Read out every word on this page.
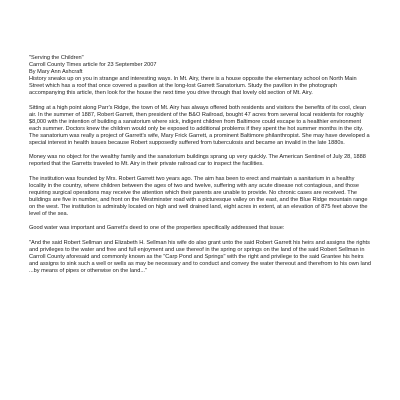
"Serving the Children"
Carroll County Times article for 23 September 2007
By Mary Ann Ashcraft

History sneaks up on you in strange and interesting ways. In Mt. Airy, there is a house opposite the elementary school on North Main Street which has a roof that once covered a pavilion at the long-lost Garrett Sanatorium. Study the pavilion in the photograph accompanying this article, then look for the house the next time you drive through that lovely old section of Mt. Airy.

Sitting at a high point along Parr's Ridge, the town of Mt. Airy has always offered both residents and visitors the benefits of its cool, clean air. In the summer of 1887, Robert Garrett, then president of the B&O Railroad, bought 47 acres from several local residents for roughly $8,000 with the intention of building a sanatorium where sick, indigent children from Baltimore could escape to a healthier environment each summer. Doctors knew the children would only be exposed to additional problems if they spent the hot summer months in the city. The sanatorium was really a project of Garrett's wife, Mary Frick Garrett, a prominent Baltimore philanthropist. She may have developed a special interest in health issues because Robert supposedly suffered from tuberculosis and became an invalid in the late 1880s.

Money was no object for the wealthy family and the sanatorium buildings sprang up very quickly. The American Sentinel of July 28, 1888 reported that the Garretts traveled to Mt. Airy in their private railroad car to inspect the facilities.

The institution was founded by Mrs. Robert Garrett two years ago. The aim has been to erect and maintain a sanitarium in a healthy locality in the country, where children between the ages of two and twelve, suffering with any acute disease not contagious, and those requiring surgical operations may receive the attention which their parents are unable to provide. No chronic cases are received. The buildings are five in number, and front on the Westminster road with a picturesque valley on the east, and the Blue Ridge mountain range on the west. The institution is admirably located on high and well drained land, eight acres in extent, at an elevation of 875 feet above the level of the sea.

Good water was important and Garrett's deed to one of the properties specifically addressed that issue:

"And the said Robert Sellman and Elizabeth H. Sellman his wife do also grant unto the said Robert Garrett his heirs and assigns the rights and privileges to the water and free and full enjoyment and use thereof in the spring or springs on the land of the said Robert Sellman in Carroll County aforesaid and commonly known as the "Carp Pond and Springs" with the right and privilege to the said Grantee his heirs and assigns to sink such a well or wells as may be necessary and to conduct and convey the water thereout and therefrom to his own land ...by means of pipes or otherwise on the land..."
